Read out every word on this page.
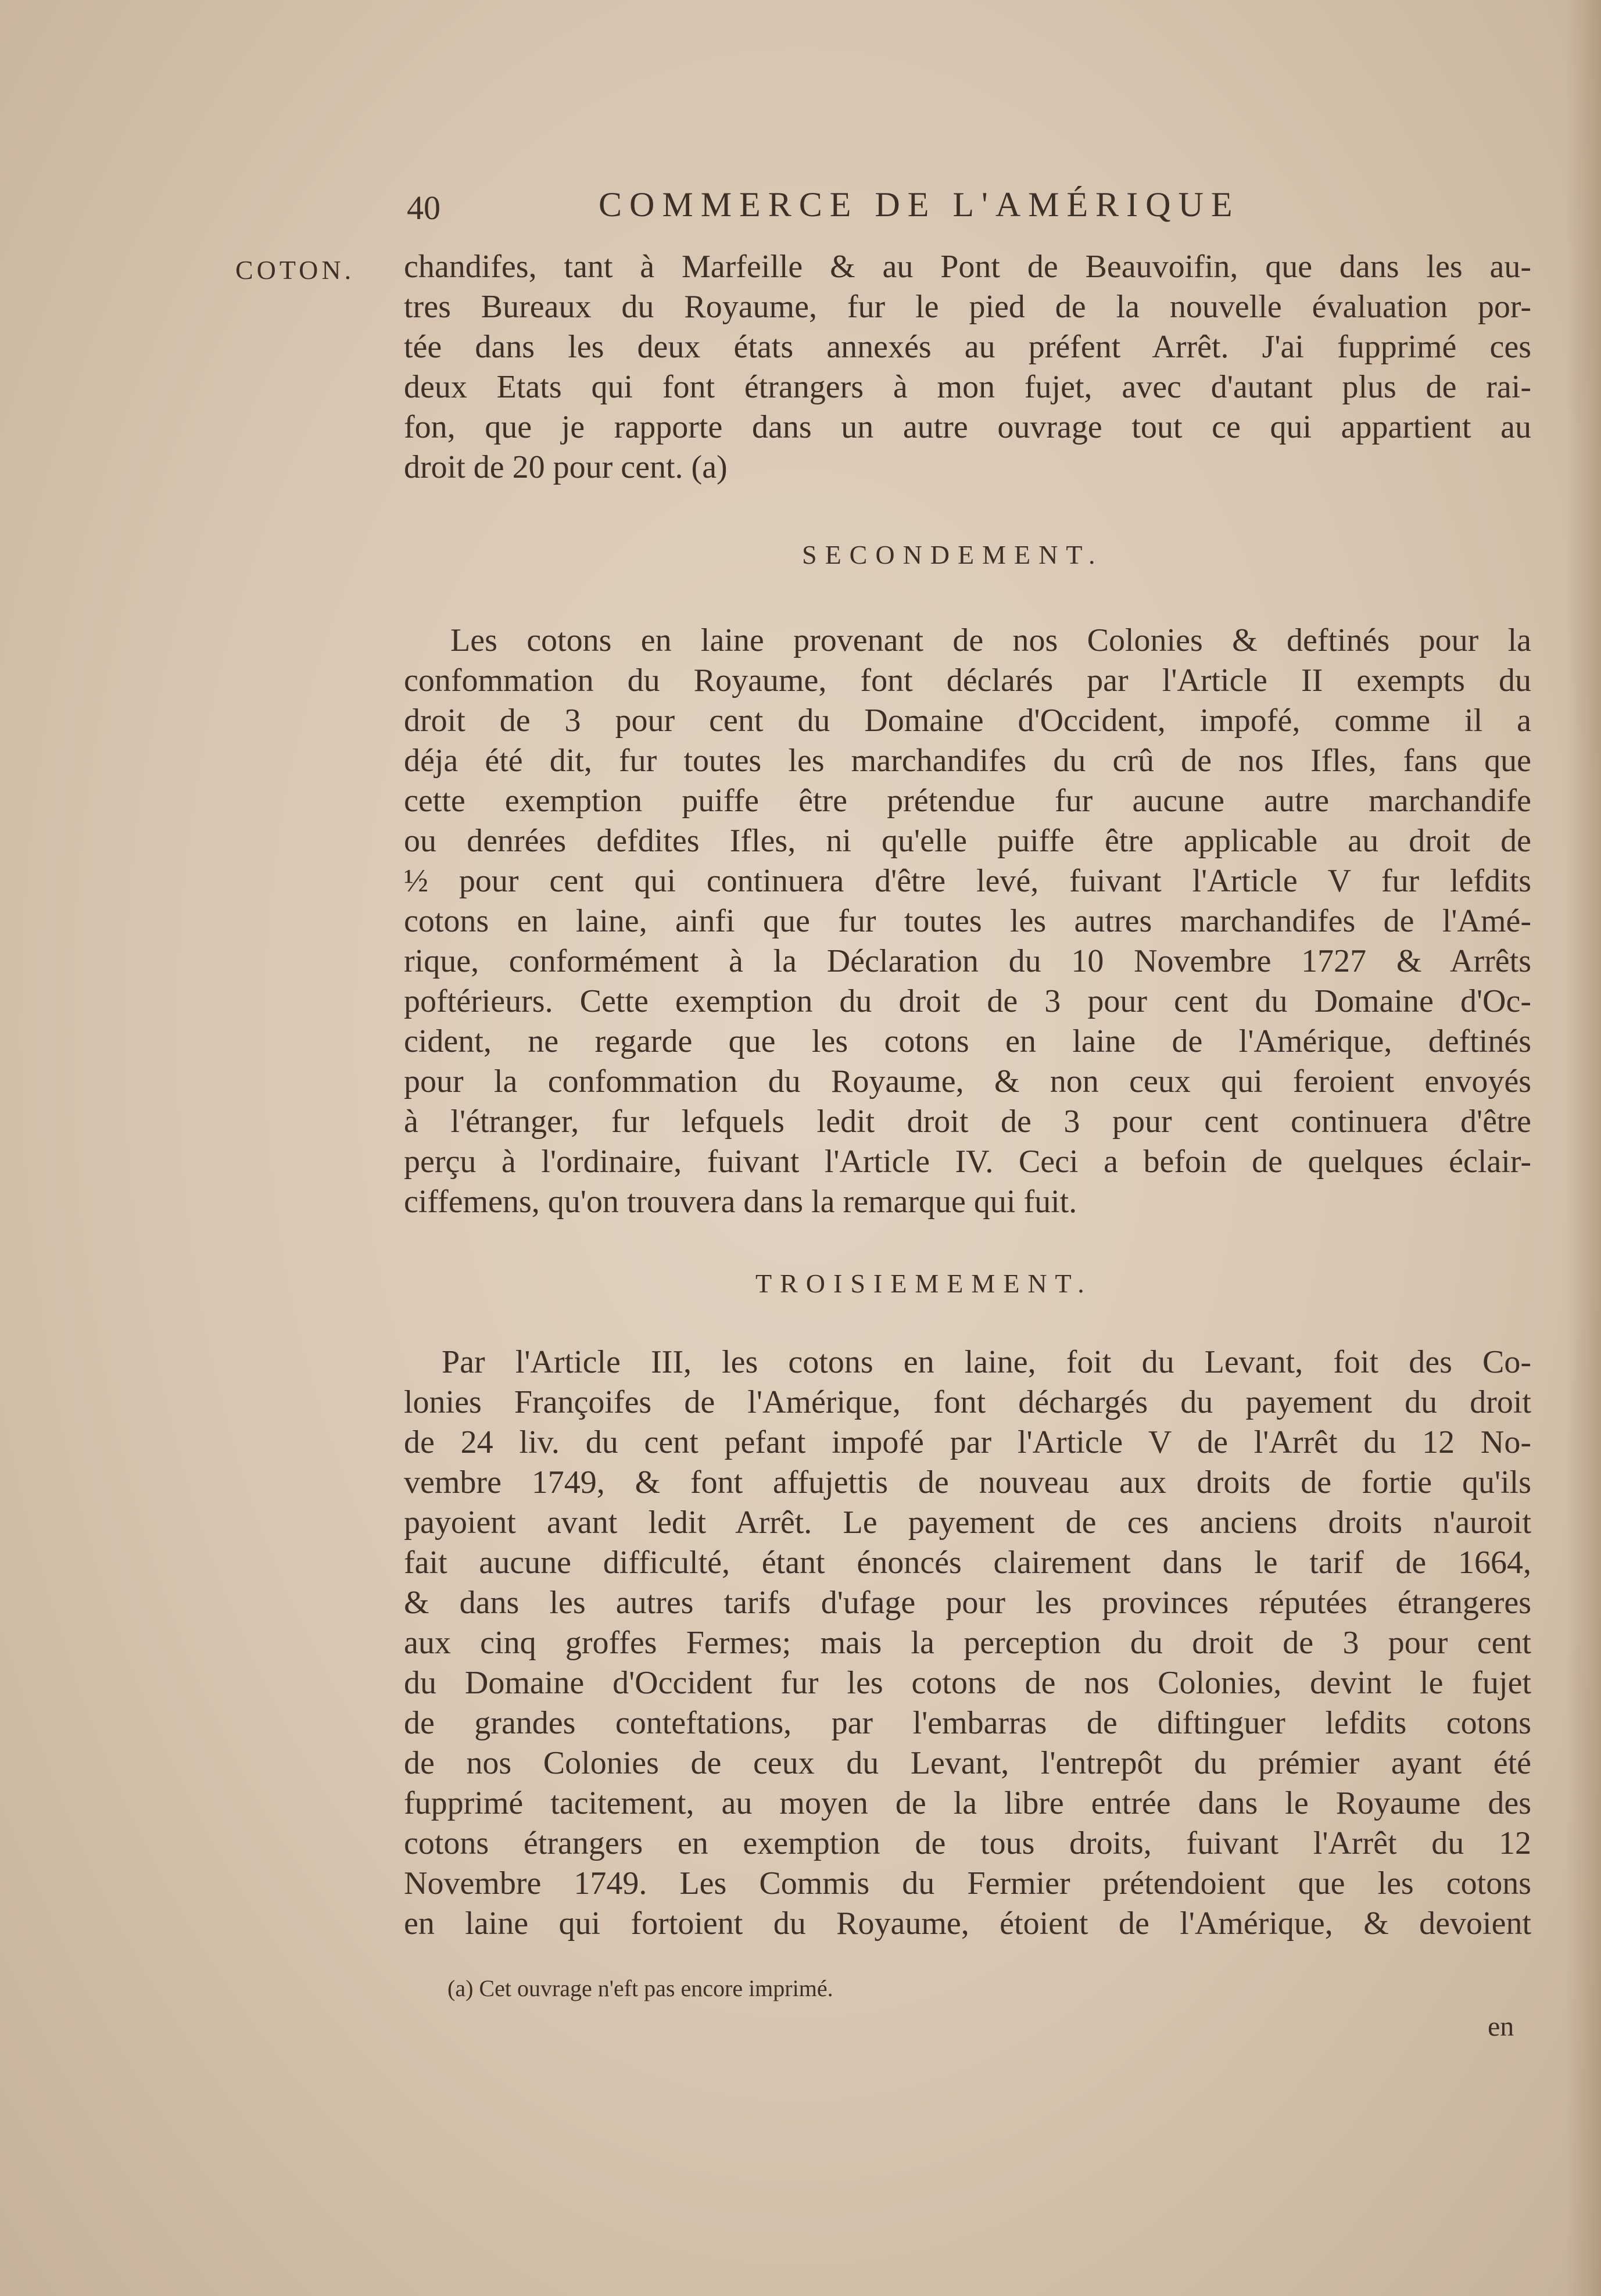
40	COMMERCE DE L'AMÉRIQUE
COTON. chandifes, tant à Marfeille & au Pont de Beauvoifin, que dans les au-
tres Bureaux du Royaume, fur le pied de la nouvelle évaluation por-
tée dans les deux états annexés au préfent Arrêt. J'ai fupprimé ces
deux Etats qui font étrangers à mon fujet, avec d'autant plus de rai-
fon, que je rapporte dans un autre ouvrage tout ce qui appartient au
droit de 20 pour cent. (a)
SECONDEMENT.
Les cotons en laine provenant de nos Colonies & deftinés pour la
confommation du Royaume, font déclarés par l'Article II exempts du
droit de 3 pour cent du Domaine d'Occident, impofé, comme il a
déja été dit, fur toutes les marchandifes du crû de nos Ifles, fans que
cette exemption puiffe être prétendue fur aucune autre marchandife
ou denrées defdites Ifles, ni qu'elle puiffe être applicable au droit de
½ pour cent qui continuera d'être levé, fuivant l'Article V fur lefdits
cotons en laine, ainfi que fur toutes les autres marchandifes de l'Amé-
rique, conformément à la Déclaration du 10 Novembre 1727 & Arrêts
poftérieurs. Cette exemption du droit de 3 pour cent du Domaine d'Oc-
cident, ne regarde que les cotons en laine de l'Amérique, deftinés
pour la confommation du Royaume, & non ceux qui feroient envoyés
à l'étranger, fur lefquels ledit droit de 3 pour cent continuera d'être
perçu à l'ordinaire, fuivant l'Article IV. Ceci a befoin de quelques éclair-
ciffemens, qu'on trouvera dans la remarque qui fuit.
TROISIEMEMENT.
Par l'Article III, les cotons en laine, foit du Levant, foit des Co-
lonies Françoifes de l'Amérique, font déchargés du payement du droit
de 24 liv. du cent pefant impofé par l'Article V de l'Arrêt du 12 No-
vembre 1749, & font affujettis de nouveau aux droits de fortie qu'ils
payoient avant ledit Arrêt. Le payement de ces anciens droits n'auroit
fait aucune difficulté, étant énoncés clairement dans le tarif de 1664,
& dans les autres tarifs d'ufage pour les provinces réputées étrangeres
aux cinq groffes Fermes; mais la perception du droit de 3 pour cent
du Domaine d'Occident fur les cotons de nos Colonies, devint le fujet
de grandes conteftations, par l'embarras de diftinguer lefdits cotons
de nos Colonies de ceux du Levant, l'entrepôt du prémier ayant été
fupprimé tacitement, au moyen de la libre entrée dans le Royaume des
cotons étrangers en exemption de tous droits, fuivant l'Arrêt du 12
Novembre 1749. Les Commis du Fermier prétendoient que les cotons
en laine qui fortoient du Royaume, étoient de l'Amérique, & devoient
(a) Cet ouvrage n'eft pas encore imprimé.
en
